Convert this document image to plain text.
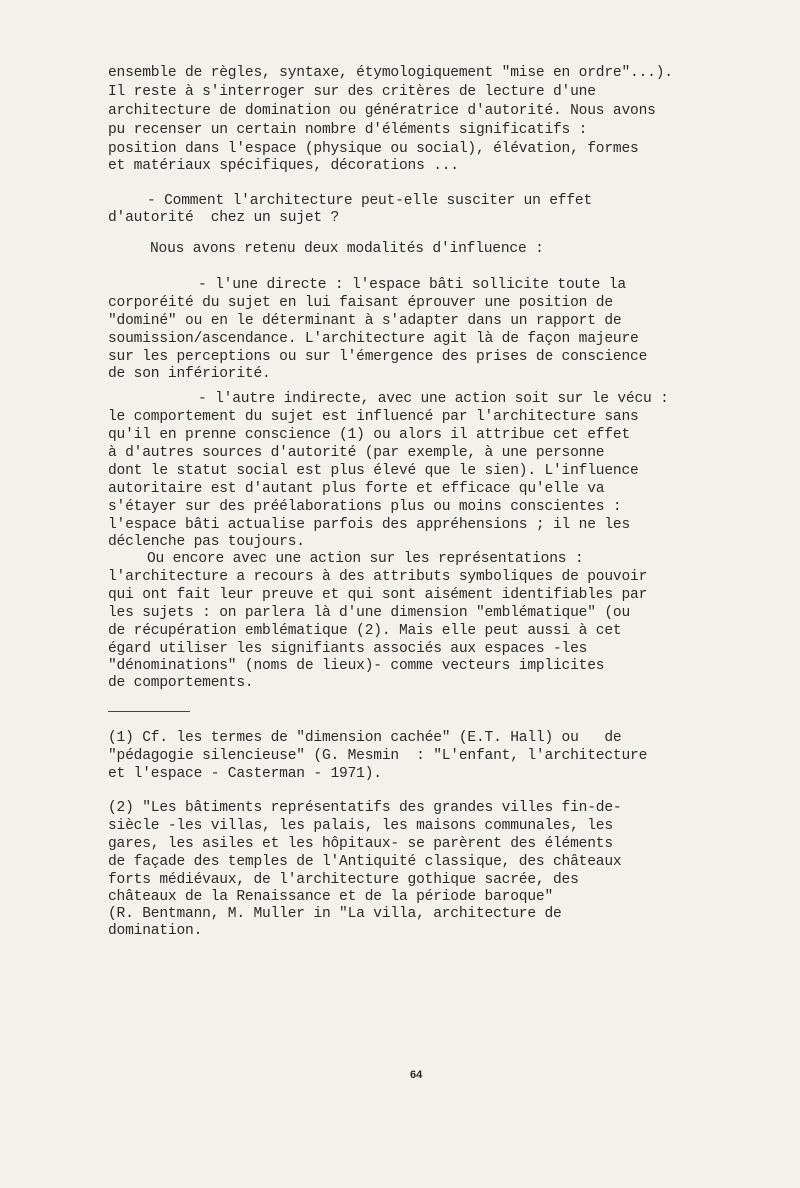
ensemble de règles, syntaxe, étymologiquement "mise en ordre"...).
Il reste à s'interroger sur des critères de lecture d'une
architecture de domination ou génératrice d'autorité. Nous avons
pu recenser un certain nombre d'éléments significatifs :
position dans l'espace (physique ou social), élévation, formes
et matériaux spécifiques, décorations ...
- Comment l'architecture peut-elle susciter un effet
d'autorité  chez un sujet ?
Nous avons retenu deux modalités d'influence :
- l'une directe : l'espace bâti sollicite toute la
corporéité du sujet en lui faisant éprouver une position de
"dominé" ou en le déterminant à s'adapter dans un rapport de
soumission/ascendance. L'architecture agit là de façon majeure
sur les perceptions ou sur l'émergence des prises de conscience
de son infériorité.
- l'autre indirecte, avec une action soit sur le vécu :
le comportement du sujet est influencé par l'architecture sans
qu'il en prenne conscience (1) ou alors il attribue cet effet
à d'autres sources d'autorité (par exemple, à une personne
dont le statut social est plus élevé que le sien). L'influence
autoritaire est d'autant plus forte et efficace qu'elle va
s'étayer sur des préélaborations plus ou moins conscientes :
l'espace bâti actualise parfois des appréhensions ; il ne les
déclenche pas toujours.
Ou encore avec une action sur les représentations :
l'architecture a recours à des attributs symboliques de pouvoir
qui ont fait leur preuve et qui sont aisément identifiables par
les sujets : on parlera là d'une dimension "emblématique" (ou
de récupération emblématique (2). Mais elle peut aussi à cet
égard utiliser les signifiants associés aux espaces -les
"dénominations" (noms de lieux)- comme vecteurs implicites
de comportements.
(1) Cf. les termes de "dimension cachée" (E.T. Hall) ou   de
"pédagogie silencieuse" (G. Mesmin  : "L'enfant, l'architecture
et l'espace - Casterman - 1971).
(2) "Les bâtiments représentatifs des grandes villes fin-de-
siècle -les villas, les palais, les maisons communales, les
gares, les asiles et les hôpitaux- se parèrent des éléments
de façade des temples de l'Antiquité classique, des châteaux
forts médiévaux, de l'architecture gothique sacrée, des
châteaux de la Renaissance et de la période baroque"
(R. Bentmann, M. Muller in "La villa, architecture de
domination.
64
